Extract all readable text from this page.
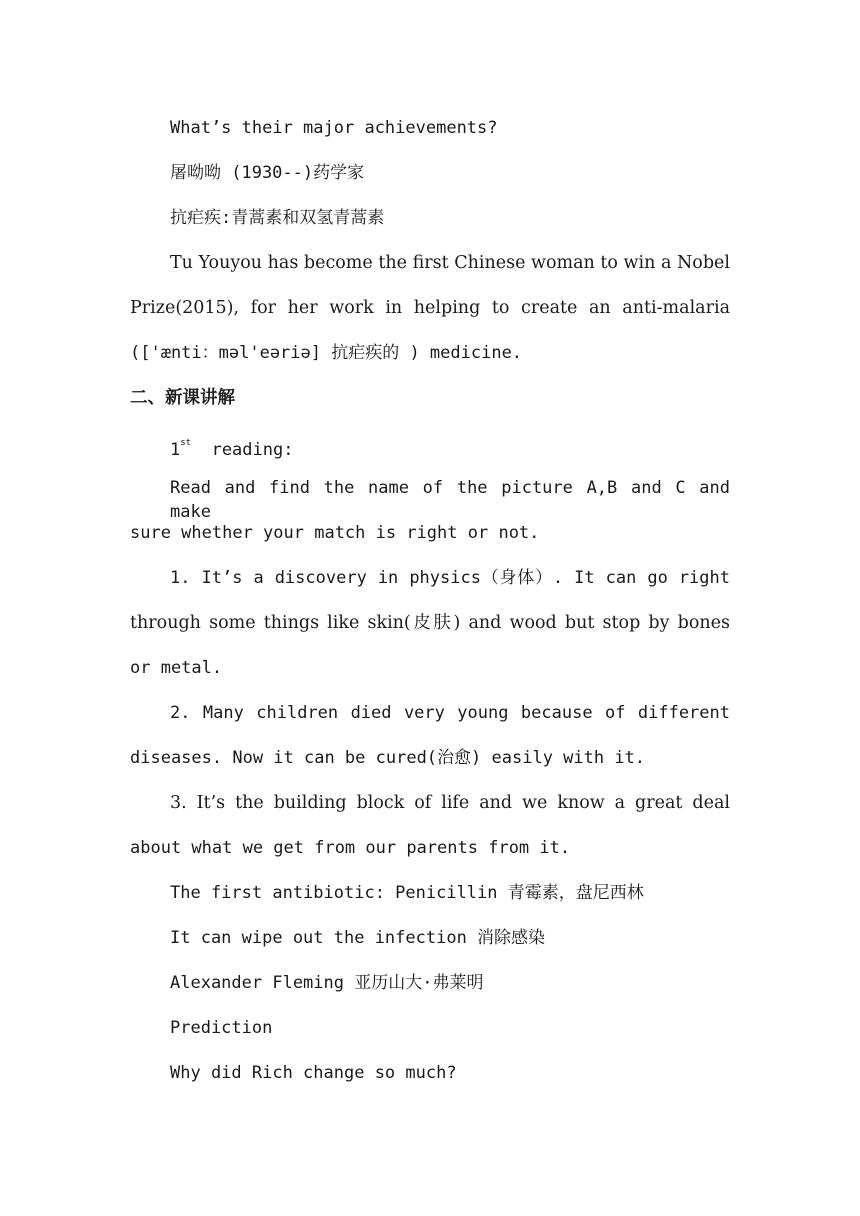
What’s their major achievements?
屠呦呦 (1930--)药学家
抗疟疾:青蒿素和双氢青蒿素
Tu Youyou has become the first Chinese woman to win a Nobel
Prize(2015), for her work in helping to create an anti-malaria
(['ænti：mәl'eәriә] 抗疟疾的 ) medicine.
二、新课讲解
1st reading:
Read and find the name of the picture A,B and C and make
sure whether your match is right or not.
1. It’s a discovery in physics（身体）. It can go right
through some things like skin(皮肤) and wood but stop by bones
or metal.
2. Many children died very young because of different
diseases. Now it can be cured(治愈) easily with it.
3. It’s the building block of life and we know a great deal
about what we get from our parents from it.
The first antibiotic: Penicillin 青霉素，盘尼西林
It can wipe out the infection 消除感染
Alexander Fleming 亚历山大·弗莱明
Prediction
Why did Rich change so much?
